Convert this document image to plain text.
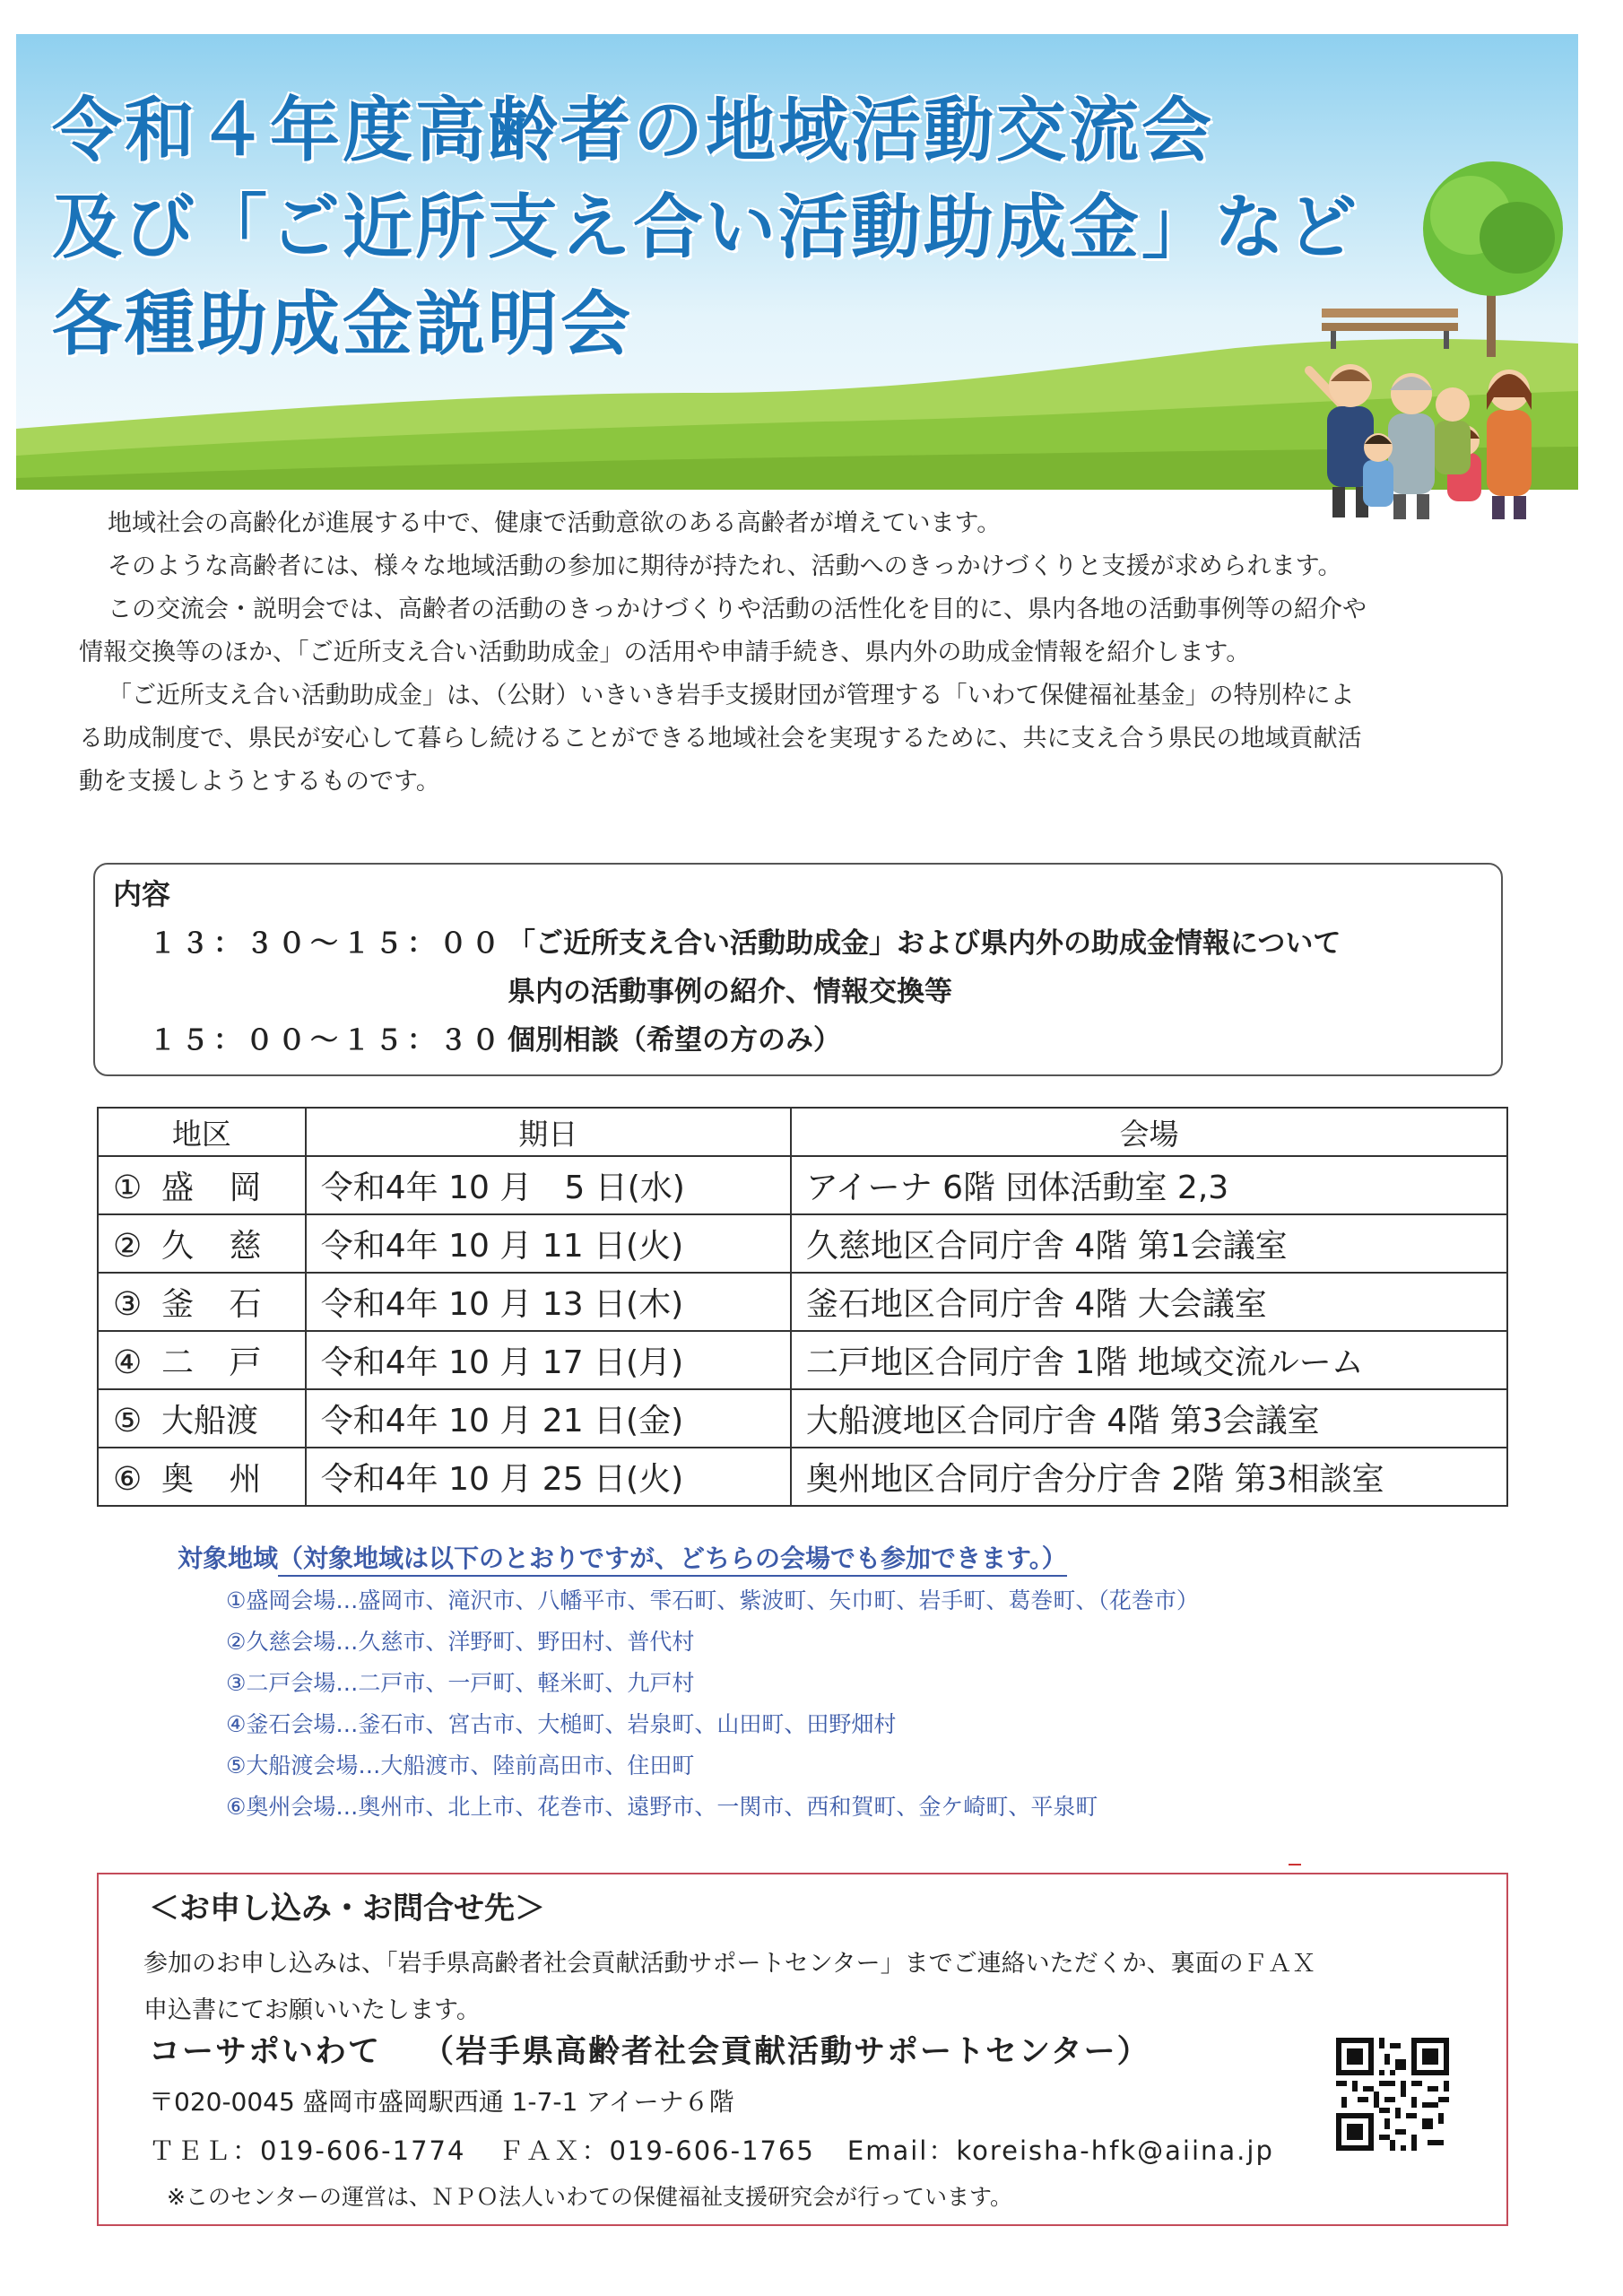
令和４年度高齢者の地域活動交流会
及び「ご近所支え合い活動助成金」など
各種助成金説明会

地域社会の高齢化が進展する中で、健康で活動意欲のある高齢者が増えています。

そのような高齢者には、様々な地域活動の参加に期待が持たれ、活動へのきっかけづくりと支援が求められます。

この交流会・説明会では、高齢者の活動のきっかけづくりや活動の活性化を目的に、県内各地の活動事例等の紹介や

情報交換等のほか、「ご近所支え合い活動助成金」の活用や申請手続き、県内外の助成金情報を紹介します。

「ご近所支え合い活動助成金」は、（公財）いきいき岩手支援財団が管理する「いわて保健福祉基金」の特別枠によ

る助成制度で、県民が安心して暮らし続けることができる地域社会を実現するために、共に支え合う県民の地域貢献活

動を支援しようとするものです。

内容
１３：３０～１５：００ 「ご近所支え合い活動助成金」および県内外の助成金情報について
県内の活動事例の紹介、情報交換等
１５：００～１５：３０ 個別相談（希望の方のみ）
地区	期日	会場
① 盛 岡	令和4年 10 月　5 日(水)	アイーナ 6階 団体活動室 2,3
② 久 慈	令和4年 10 月 11 日(火)	久慈地区合同庁舎 4階 第1会議室
③ 釜 石	令和4年 10 月 13 日(木)	釜石地区合同庁舎 4階 大会議室
④ 二 戸	令和4年 10 月 17 日(月)	二戸地区合同庁舎 1階 地域交流ルーム
⑤ 大船渡	令和4年 10 月 21 日(金)	大船渡地区合同庁舎 4階 第3会議室
⑥ 奥 州	令和4年 10 月 25 日(火)	奥州地区合同庁舎分庁舎 2階 第3相談室
対象地域（対象地域は以下のとおりですが、どちらの会場でも参加できます。）
①盛岡会場…盛岡市、滝沢市、八幡平市、雫石町、紫波町、矢巾町、岩手町、葛巻町、（花巻市）
②久慈会場…久慈市、洋野町、野田村、普代村
③二戸会場…二戸市、一戸町、軽米町、九戸村
④釜石会場…釜石市、宮古市、大槌町、岩泉町、山田町、田野畑村
⑤大船渡会場…大船渡市、陸前高田市、住田町
⑥奥州会場…奥州市、北上市、花巻市、遠野市、一関市、西和賀町、金ケ崎町、平泉町
＜お申し込み・お問合せ先＞
参加のお申し込みは、「岩手県高齢者社会貢献活動サポートセンター」までご連絡いただくか、裏面のＦＡＸ
申込書にてお願いいたします。
コーサポいわて （岩手県高齢者社会貢献活動サポートセンター）
〒020-0045 盛岡市盛岡駅西通 1-7-1 アイーナ６階
ＴＥＬ：019-606-1774 ＦＡＸ：019-606-1765 Email：koreisha-hfk@aiina.jp
※このセンターの運営は、ＮＰＯ法人いわての保健福祉支援研究会が行っています。
